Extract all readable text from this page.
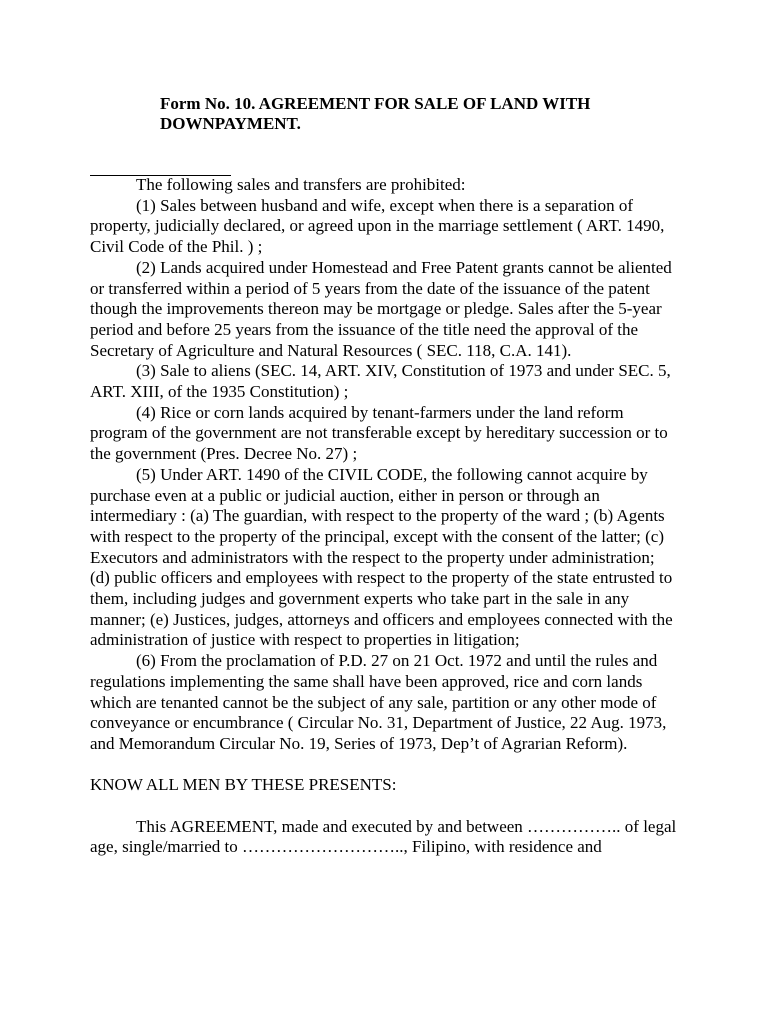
Form No. 10. AGREEMENT FOR SALE OF LAND WITH DOWNPAYMENT.

The following sales and transfers are prohibited:

(1) Sales between husband and wife, except when there is a separation of property, judicially declared, or agreed upon in the marriage settlement ( ART. 1490, Civil Code of the Phil. ) ;

(2) Lands acquired under Homestead and Free Patent grants cannot be aliented or transferred within a period of 5 years from the date of the issuance of the patent though the improvements thereon may be mortgage or pledge. Sales after the 5-year period and before 25 years from the issuance of the title need the approval of the Secretary of Agriculture and Natural Resources ( SEC. 118, C.A. 141).

(3) Sale to aliens (SEC. 14, ART. XIV, Constitution of 1973 and under SEC. 5, ART. XIII, of the 1935 Constitution) ;

(4) Rice or corn lands acquired by tenant-farmers under the land reform program of the government are not transferable except by hereditary succession or to the government (Pres. Decree No. 27) ;

(5) Under ART. 1490 of the CIVIL CODE, the following cannot acquire by purchase even at a public or judicial auction, either in person or through an intermediary : (a) The guardian, with respect to the property of the ward ; (b) Agents with respect to the property of the principal, except with the consent of the latter; (c) Executors and administrators with the respect to the property under administration; (d) public officers and employees with respect to the property of the state entrusted to them, including judges and government experts who take part in the sale in any manner; (e) Justices, judges, attorneys and officers and employees connected with the administration of justice with respect to properties in litigation;

(6) From the proclamation of P.D. 27 on 21 Oct. 1972 and until the rules and regulations implementing the same shall have been approved, rice and corn lands which are tenanted cannot be the subject of any sale, partition or any other mode of conveyance or encumbrance ( Circular No. 31, Department of Justice, 22 Aug. 1973, and Memorandum Circular No. 19, Series of 1973, Dep’t of Agrarian Reform).

KNOW ALL MEN BY THESE PRESENTS:

This AGREEMENT, made and executed by and between …………….. of legal age, single/married to ……………………….., Filipino, with residence and
